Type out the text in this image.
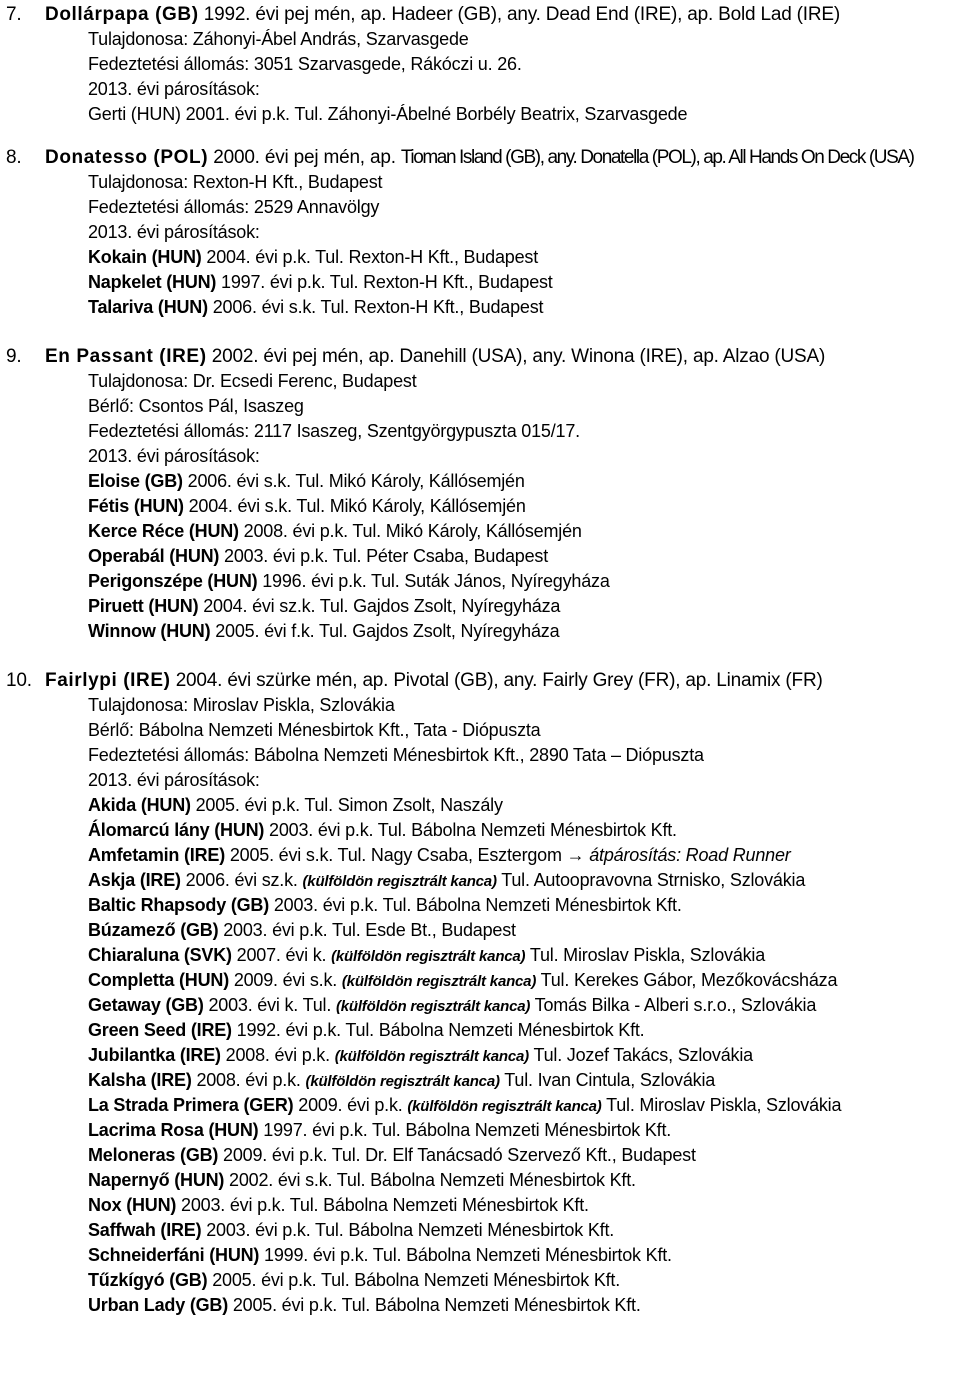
7. Dollárpapa (GB) 1992. évi pej mén, ap. Hadeer (GB), any. Dead End (IRE), ap. Bold Lad (IRE)
Tulajdonosa: Záhonyi-Ábel András, Szarvasgede
Fedeztetési állomás: 3051 Szarvasgede, Rákóczi u. 26.
2013. évi párosítások:
Gerti (HUN) 2001. évi p.k. Tul. Záhonyi-Ábelné Borbély Beatrix, Szarvasgede
8. Donatesso (POL) 2000. évi pej mén, ap. Tioman Island (GB), any. Donatella (POL), ap. All Hands On Deck (USA)
Tulajdonosa: Rexton-H Kft., Budapest
Fedeztetési állomás: 2529 Annavölgy
2013. évi párosítások:
Kokain (HUN) 2004. évi p.k. Tul. Rexton-H Kft., Budapest
Napkelet (HUN) 1997. évi p.k. Tul. Rexton-H Kft., Budapest
Talariva (HUN) 2006. évi s.k. Tul. Rexton-H Kft., Budapest
9. En Passant (IRE) 2002. évi pej mén, ap. Danehill (USA), any. Winona (IRE), ap. Alzao (USA)
Tulajdonosa: Dr. Ecsedi Ferenc, Budapest
Bérlő: Csontos Pál, Isaszeg
Fedeztetési állomás: 2117 Isaszeg, Szentgyörgypuszta 015/17.
2013. évi párosítások:
Eloise (GB) 2006. évi s.k. Tul. Mikó Károly, Kállósemjén
Fétis (HUN) 2004. évi s.k. Tul. Mikó Károly, Kállósemjén
Kerce Réce (HUN) 2008. évi p.k. Tul. Mikó Károly, Kállósemjén
Operabál (HUN) 2003. évi p.k. Tul. Péter Csaba, Budapest
Perigonszépe (HUN) 1996. évi p.k. Tul. Suták János, Nyíregyháza
Piruett (HUN) 2004. évi sz.k. Tul. Gajdos Zsolt, Nyíregyháza
Winnow (HUN) 2005. évi f.k. Tul. Gajdos Zsolt, Nyíregyháza
10. Fairlypi (IRE) 2004. évi szürke mén, ap. Pivotal (GB), any. Fairly Grey (FR), ap. Linamix (FR)
Tulajdonosa: Miroslav Piskla, Szlovákia
Bérlő: Bábolna Nemzeti Ménesbirtok Kft., Tata - Diópuszta
Fedeztetési állomás: Bábolna Nemzeti Ménesbirtok Kft., 2890 Tata – Diópuszta
2013. évi párosítások:
Akida (HUN) 2005. évi p.k. Tul. Simon Zsolt, Naszály
Álomarcú lány (HUN) 2003. évi p.k. Tul. Bábolna Nemzeti Ménesbirtok Kft.
Amfetamin (IRE) 2005. évi s.k. Tul. Nagy Csaba, Esztergom → átpárosítás: Road Runner
Askja (IRE) 2006. évi sz.k. (külföldön regisztrált kanca) Tul. Autoopravovna Strnisko, Szlovákia
Baltic Rhapsody (GB) 2003. évi p.k. Tul. Bábolna Nemzeti Ménesbirtok Kft.
Búzamező (GB) 2003. évi p.k. Tul. Esde Bt., Budapest
Chiaraluna (SVK) 2007. évi k. (külföldön regisztrált kanca) Tul. Miroslav Piskla, Szlovákia
Completta (HUN) 2009. évi s.k. (külföldön regisztrált kanca) Tul. Kerekes Gábor, Mezőkovácsháza
Getaway (GB) 2003. évi k. Tul. (külföldön regisztrált kanca) Tomás Bilka - Alberi s.r.o., Szlovákia
Green Seed (IRE) 1992. évi p.k. Tul. Bábolna Nemzeti Ménesbirtok Kft.
Jubilantka (IRE) 2008. évi p.k. (külföldön regisztrált kanca) Tul. Jozef Takács, Szlovákia
Kalsha (IRE) 2008. évi p.k. (külföldön regisztrált kanca) Tul. Ivan Cintula, Szlovákia
La Strada Primera (GER) 2009. évi p.k. (külföldön regisztrált kanca) Tul. Miroslav Piskla, Szlovákia
Lacrima Rosa (HUN) 1997. évi p.k. Tul. Bábolna Nemzeti Ménesbirtok Kft.
Meloneras (GB) 2009. évi p.k. Tul. Dr. Elf Tanácsadó Szervező Kft., Budapest
Napernyő (HUN) 2002. évi s.k. Tul. Bábolna Nemzeti Ménesbirtok Kft.
Nox (HUN) 2003. évi p.k. Tul. Bábolna Nemzeti Ménesbirtok Kft.
Saffwah (IRE) 2003. évi p.k. Tul. Bábolna Nemzeti Ménesbirtok Kft.
Schneiderfáni (HUN) 1999. évi p.k. Tul. Bábolna Nemzeti Ménesbirtok Kft.
Tűzkígyó (GB) 2005. évi p.k. Tul. Bábolna Nemzeti Ménesbirtok Kft.
Urban Lady (GB) 2005. évi p.k. Tul. Bábolna Nemzeti Ménesbirtok Kft.
